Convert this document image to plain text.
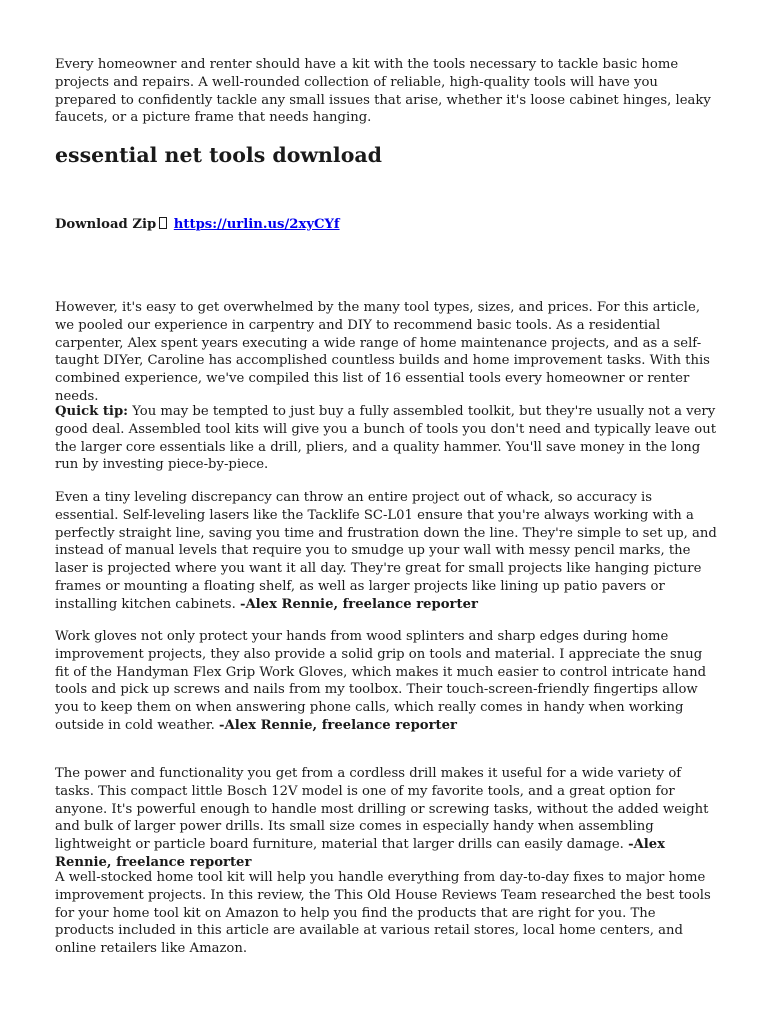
Every homeowner and renter should have a kit with the tools necessary to tackle basic home projects and repairs. A well-rounded collection of reliable, high-quality tools will have you prepared to confidently tackle any small issues that arise, whether it's loose cabinet hinges, leaky faucets, or a picture frame that needs hanging.

essential net tools download

Download Zip https://urlin.us/2xyCYf

However, it's easy to get overwhelmed by the many tool types, sizes, and prices. For this article, we pooled our experience in carpentry and DIY to recommend basic tools. As a residential carpenter, Alex spent years executing a wide range of home maintenance projects, and as a self-taught DIYer, Caroline has accomplished countless builds and home improvement tasks. With this combined experience, we've compiled this list of 16 essential tools every homeowner or renter needs.

Quick tip: You may be tempted to just buy a fully assembled toolkit, but they're usually not a very good deal. Assembled tool kits will give you a bunch of tools you don't need and typically leave out the larger core essentials like a drill, pliers, and a quality hammer. You'll save money in the long run by investing piece-by-piece.

Even a tiny leveling discrepancy can throw an entire project out of whack, so accuracy is essential. Self-leveling lasers like the Tacklife SC-L01 ensure that you're always working with a perfectly straight line, saving you time and frustration down the line. They're simple to set up, and instead of manual levels that require you to smudge up your wall with messy pencil marks, the laser is projected where you want it all day. They're great for small projects like hanging picture frames or mounting a floating shelf, as well as larger projects like lining up patio pavers or installing kitchen cabinets. -Alex Rennie, freelance reporter

Work gloves not only protect your hands from wood splinters and sharp edges during home improvement projects, they also provide a solid grip on tools and material. I appreciate the snug fit of the Handyman Flex Grip Work Gloves, which makes it much easier to control intricate hand tools and pick up screws and nails from my toolbox. Their touch-screen-friendly fingertips allow you to keep them on when answering phone calls, which really comes in handy when working outside in cold weather. -Alex Rennie, freelance reporter

The power and functionality you get from a cordless drill makes it useful for a wide variety of tasks. This compact little Bosch 12V model is one of my favorite tools, and a great option for anyone. It's powerful enough to handle most drilling or screwing tasks, without the added weight and bulk of larger power drills. Its small size comes in especially handy when assembling lightweight or particle board furniture, material that larger drills can easily damage. -Alex Rennie, freelance reporter

A well-stocked home tool kit will help you handle everything from day-to-day fixes to major home improvement projects. In this review, the This Old House Reviews Team researched the best tools for your home tool kit on Amazon to help you find the products that are right for you. The products included in this article are available at various retail stores, local home centers, and online retailers like Amazon.
